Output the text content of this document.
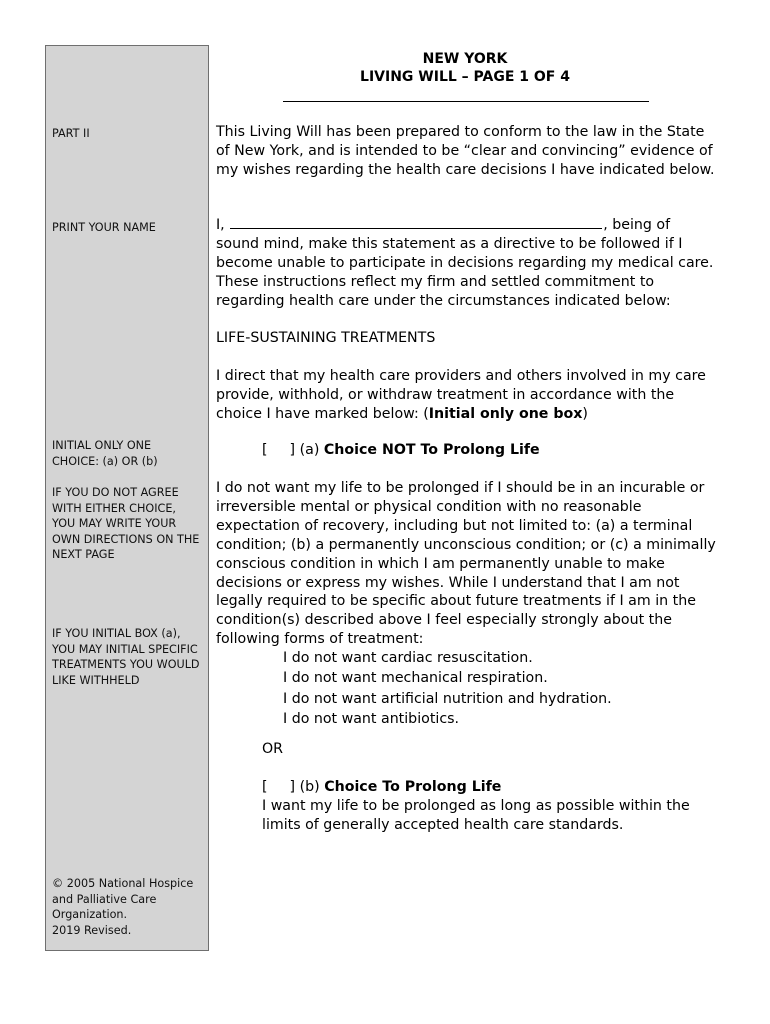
PART II
PRINT YOUR NAME
INITIAL ONLY ONE
CHOICE: (a) OR (b)
IF YOU DO NOT AGREE WITH EITHER CHOICE, YOU MAY WRITE YOUR OWN DIRECTIONS ON THE NEXT PAGE
IF YOU INITIAL BOX (a), YOU MAY INITIAL SPECIFIC TREATMENTS YOU WOULD LIKE WITHHELD
© 2005 National Hospice and Palliative Care Organization.
2019 Revised.
NEW YORK
LIVING WILL – PAGE 1 OF 4
This Living Will has been prepared to conform to the law in the State of New York, and is intended to be “clear and convincing” evidence of my wishes regarding the health care decisions I have indicated below.
I,	, being of sound mind, make this statement as a directive to be followed if I become unable to participate in decisions regarding my medical care. These instructions reflect my firm and settled commitment to regarding health care under the circumstances indicated below:
LIFE-SUSTAINING TREATMENTS
I direct that my health care providers and others involved in my care provide, withhold, or withdraw treatment in accordance with the choice I have marked below: (Initial only one box)
[ ] (a) Choice NOT To Prolong Life
I do not want my life to be prolonged if I should be in an incurable or irreversible mental or physical condition with no reasonable expectation of recovery, including but not limited to: (a) a terminal condition; (b) a permanently unconscious condition; or (c) a minimally conscious condition in which I am permanently unable to make decisions or express my wishes. While I understand that I am not legally required to be specific about future treatments if I am in the condition(s) described above I feel especially strongly about the following forms of treatment:
I do not want cardiac resuscitation.
I do not want mechanical respiration.
I do not want artificial nutrition and hydration.
I do not want antibiotics.
OR
[ ] (b) Choice To Prolong Life
I want my life to be prolonged as long as possible within the limits of generally accepted health care standards.
